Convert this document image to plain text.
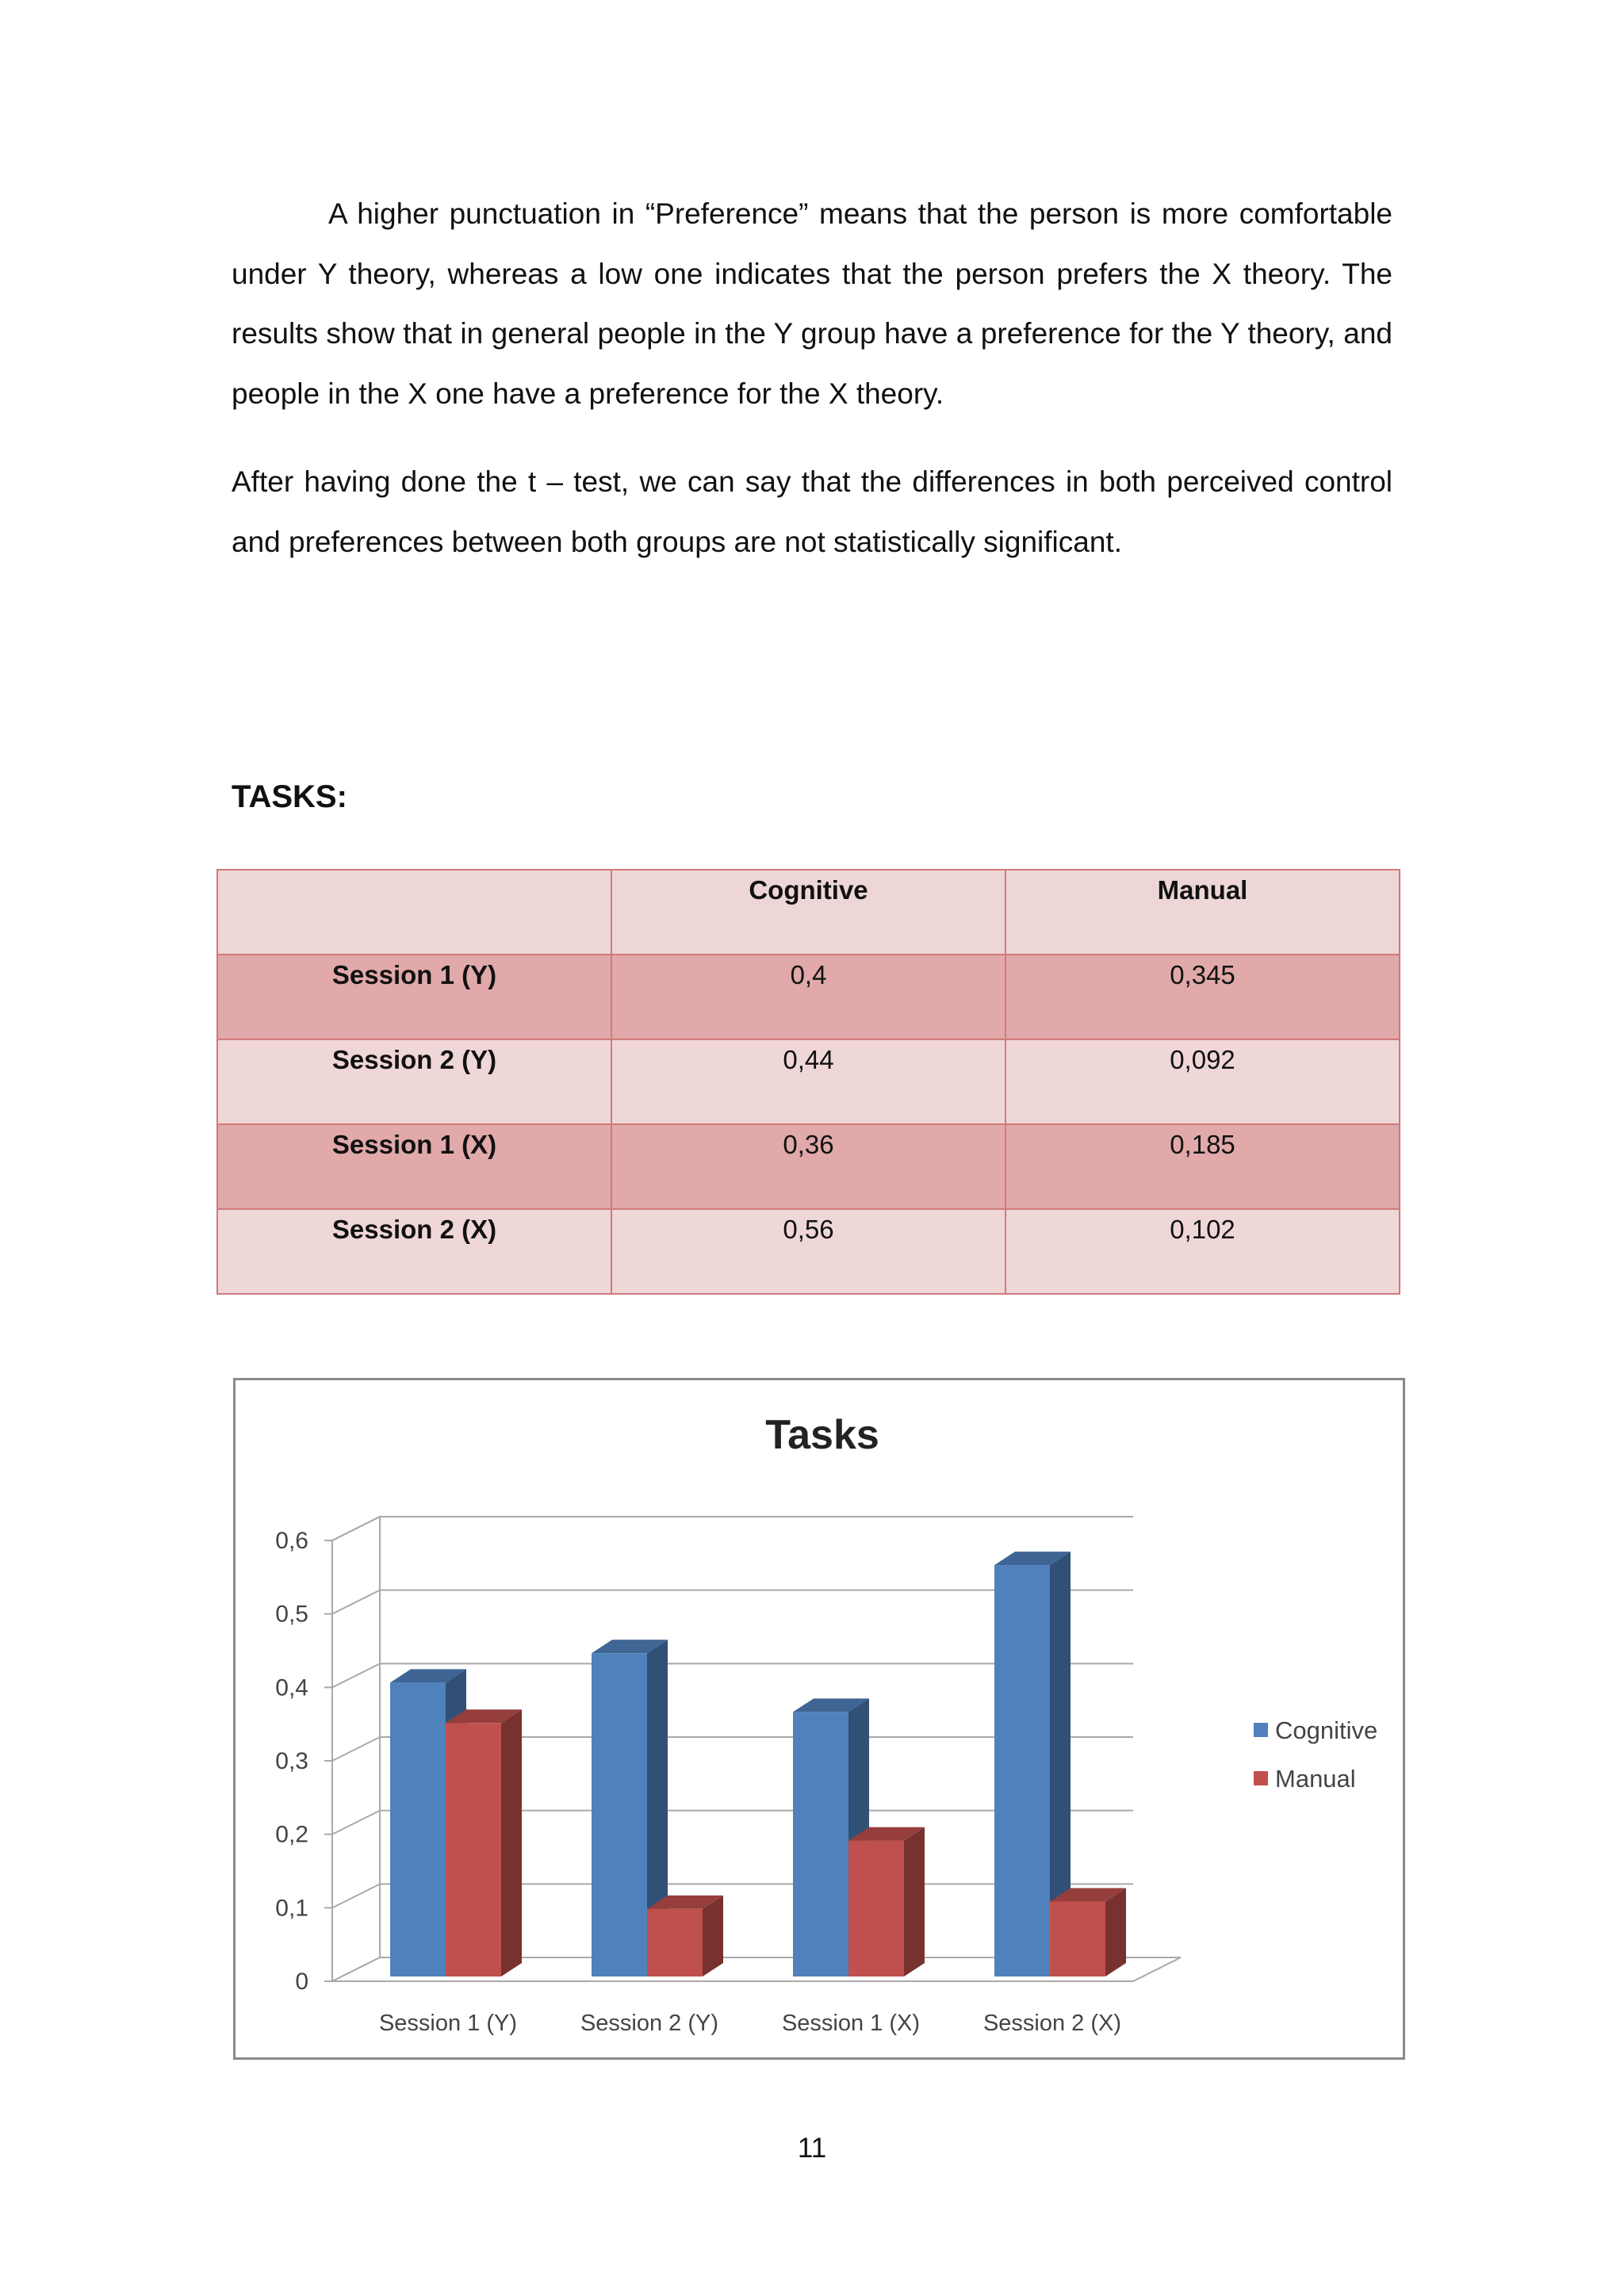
A higher punctuation in “Preference” means that the person is more comfortable under Y theory, whereas a low one indicates that the person prefers the X theory. The results show that in general people in the Y group have a preference for the Y theory, and people in the X one have a preference for the X theory.

After having done the t – test, we can say that the differences in both perceived control and preferences between both groups are not statistically significant.

TASKS:
	Cognitive	Manual
Session 1 (Y)	0,4	0,345
Session 2 (Y)	0,44	0,092
Session 1 (X)	0,36	0,185
Session 2 (X)	0,56	0,102
Tasks
0
0,1
0,2
0,3
0,4
0,5
0,6
Session 1 (Y)	Session 2 (Y)	Session 1 (X)	Session 2 (X)
Cognitive
Manual
11
